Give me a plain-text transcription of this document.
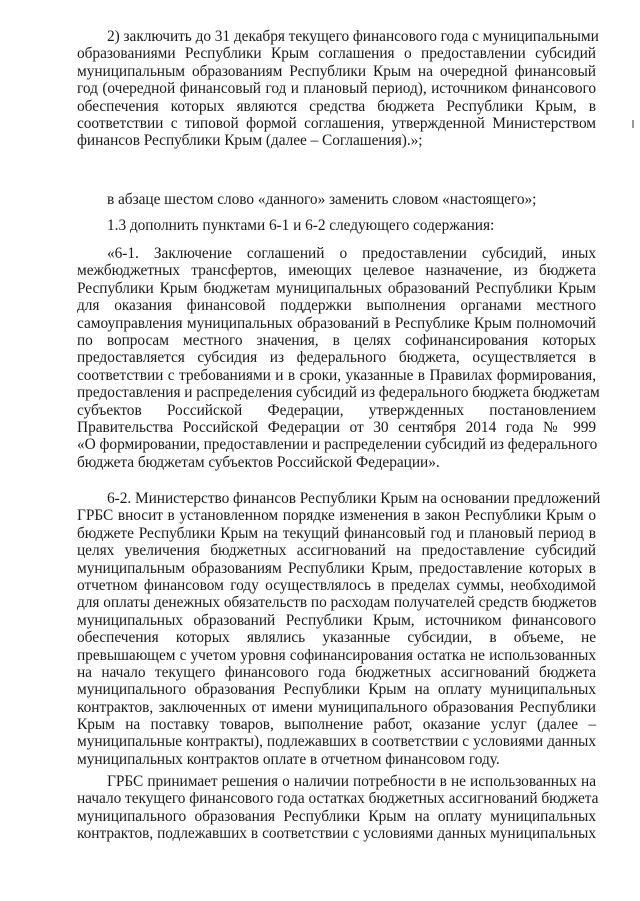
2) заключить до 31 декабря текущего финансового года с муниципальными
образованиями Республики Крым соглашения о предоставлении субсидий
муниципальным образованиям Республики Крым на очередной финансовый
год (очередной финансовый год и плановый период), источником финансового
обеспечения которых являются средства бюджета Республики Крым, в
соответствии с типовой формой соглашения, утвержденной Министерством
финансов Республики Крым (далее – Соглашения).»;
в абзаце шестом слово «данного» заменить словом «настоящего»;
1.3 дополнить пунктами 6-1 и 6-2 следующего содержания:
«6-1. Заключение соглашений о предоставлении субсидий, иных
межбюджетных трансфертов, имеющих целевое назначение, из бюджета
Республики Крым бюджетам муниципальных образований Республики Крым
для оказания финансовой поддержки выполнения органами местного
самоуправления муниципальных образований в Республике Крым полномочий
по вопросам местного значения, в целях софинансирования которых
предоставляется субсидия из федерального бюджета, осуществляется в
соответствии с требованиями и в сроки, указанные в Правилах формирования,
предоставления и распределения субсидий из федерального бюджета бюджетам
субъектов Российской Федерации, утвержденных постановлением
Правительства Российской Федерации от 30 сентября 2014 года № 999
«О формировании, предоставлении и распределении субсидий из федерального
бюджета бюджетам субъектов Российской Федерации».
6-2. Министерство финансов Республики Крым на основании предложений
ГРБС вносит в установленном порядке изменения в закон Республики Крым о
бюджете Республики Крым на текущий финансовый год и плановый период в
целях увеличения бюджетных ассигнований на предоставление субсидий
муниципальным образованиям Республики Крым, предоставление которых в
отчетном финансовом году осуществлялось в пределах суммы, необходимой
для оплаты денежных обязательств по расходам получателей средств бюджетов
муниципальных образований Республики Крым, источником финансового
обеспечения которых являлись указанные субсидии, в объеме, не
превышающем с учетом уровня софинансирования остатка не использованных
на начало текущего финансового года бюджетных ассигнований бюджета
муниципального образования Республики Крым на оплату муниципальных
контрактов, заключенных от имени муниципального образования Республики
Крым на поставку товаров, выполнение работ, оказание услуг (далее –
муниципальные контракты), подлежавших в соответствии с условиями данных
муниципальных контрактов оплате в отчетном финансовом году.
ГРБС принимает решения о наличии потребности в не использованных на
начало текущего финансового года остатках бюджетных ассигнований бюджета
муниципального образования Республики Крым на оплату муниципальных
контрактов, подлежавших в соответствии с условиями данных муниципальных
